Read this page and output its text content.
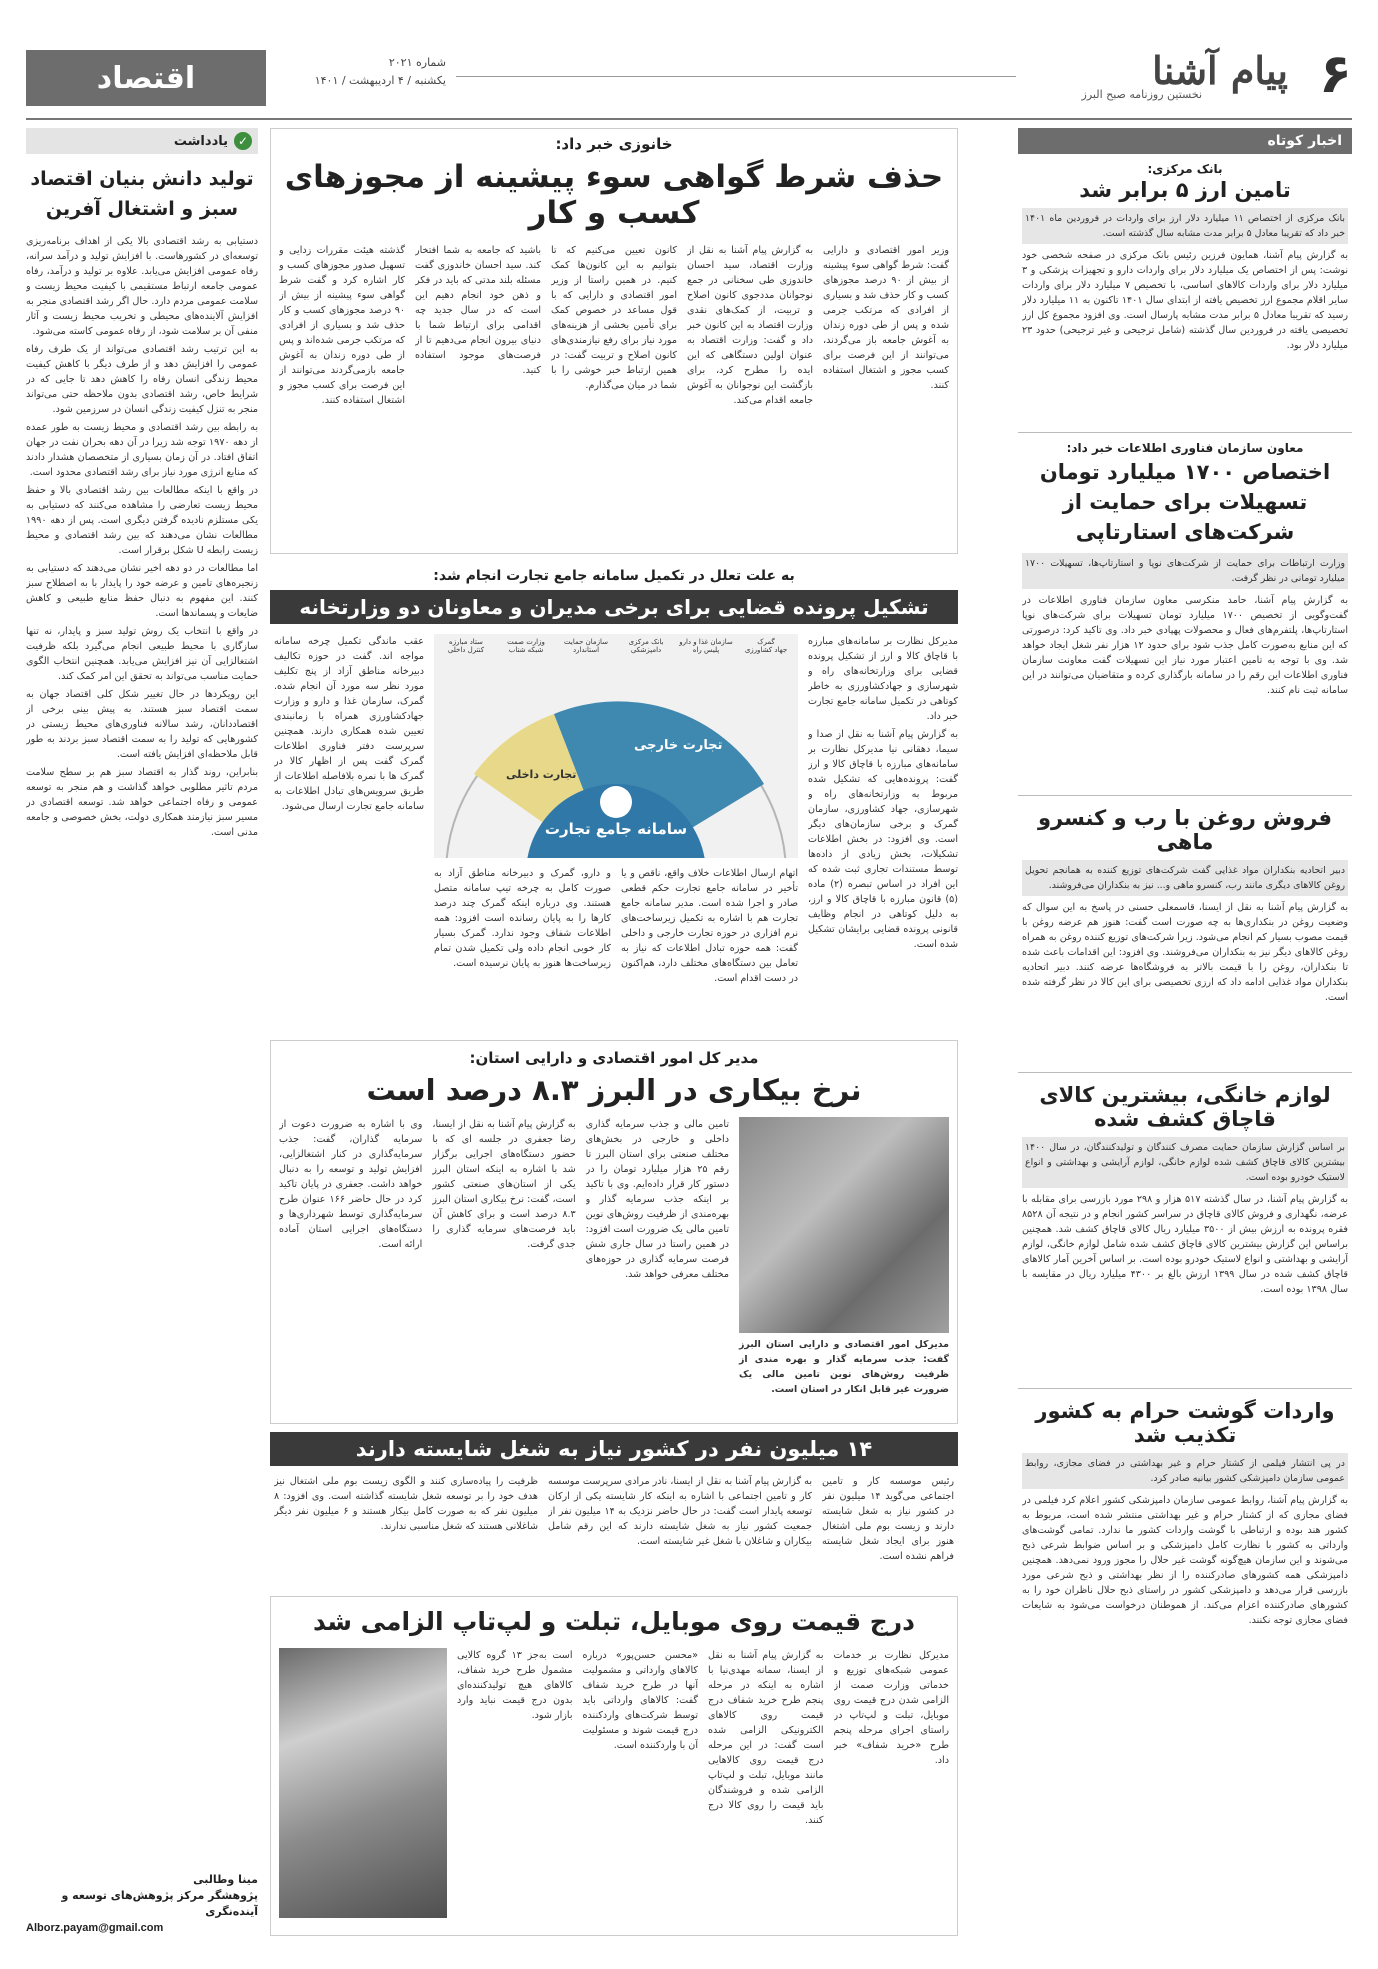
اقتصاد	شماره ۲۰۲۱
یکشنبه / ۴ اردیبهشت / ۱۴۰۱	۶
پیام آشنا
نخستین روزنامه صبح البرز
اخبار کوتاه
بانک مرکزی:
تامین ارز ۵ برابر شد
بانک مرکزی از اختصاص ۱۱ میلیارد دلار ارز برای واردات در فروردین ماه ۱۴۰۱ خبر داد که تقریبا معادل ۵ برابر مدت مشابه سال گذشته است.
به گزارش پیام آشنا، همایون فرزین رئیس بانک مرکزی در صفحه شخصی خود نوشت: پس از اختصاص یک میلیارد دلار برای واردات دارو و تجهیزات پزشکی و ۳ میلیارد دلار برای واردات کالاهای اساسی، با تخصیص ۷ میلیارد دلار برای واردات سایر اقلام مجموع ارز تخصیص یافته از ابتدای سال ۱۴۰۱ تاکنون به ۱۱ میلیارد دلار رسید که تقریبا معادل ۵ برابر مدت مشابه پارسال است. وی افزود مجموع کل ارز تخصیصی یافته در فروردین سال گذشته (شامل ترجیحی و غیر ترجیحی) حدود ۲۳ میلیارد دلار بود.
معاون سازمان فناوری اطلاعات خبر داد:
اختصاص ۱۷۰۰ میلیارد تومان تسهیلات برای حمایت از شرکت‌های استارتاپی
وزارت ارتباطات برای حمایت از شرکت‌های نوپا و استارتاپ‌ها، تسهیلات ۱۷۰۰ میلیارد تومانی در نظر گرفت.
به گزارش پیام آشنا، حامد منکرسی معاون سازمان فناوری اطلاعات در گفت‌وگویی از تخصیص ۱۷۰۰ میلیارد تومان تسهیلات برای شرکت‌های نوپا استارتاپ‌ها، پلتفرم‌های فعال و محصولات پهپادی خبر داد. وی تاکید کرد: درصورتی که این منابع به‌صورت کامل جذب شود برای حدود ۱۲ هزار نفر شغل ایجاد خواهد شد. وی با توجه به تامین اعتبار مورد نیاز این تسهیلات گفت معاونت سازمان فناوری اطلاعات این رقم را در سامانه بارگذاری کرده و متقاضیان می‌توانند در این سامانه ثبت نام کنند.
فروش روغن با رب و کنسرو ماهی
دبیر اتحادیه بنکداران مواد غذایی گفت شرکت‌های توزیع کننده به همانجم تحویل روغن کالاهای دیگری مانند رب، کنسرو ماهی و... نیز به بنکداران می‌فروشند.
به گزارش پیام آشنا به نقل از ایسنا، قاسمعلی حسنی در پاسخ به این سوال که وضعیت روغن در بنکداری‌ها به چه صورت است گفت: هنوز هم عرضه روغن با قیمت مصوب بسیار کم انجام می‌شود. زیرا شرکت‌های توزیع کننده روغن به همراه روغن کالاهای دیگر نیز به بنکداران می‌فروشند. وی افزود: این اقدامات باعث شده تا بنکداران، روغن را با قیمت بالاتر به فروشگاه‌ها عرضه کنند. دبیر اتحادیه بنکداران مواد غذایی ادامه داد که ارزی تخصیصی برای این کالا در نظر گرفته شده است.
لوازم خانگی، بیشترین کالای قاچاق کشف شده
بر اساس گزارش سازمان حمایت مصرف کنندگان و تولیدکنندگان، در سال ۱۴۰۰ بیشترین کالای قاچاق کشف شده لوازم خانگی، لوازم آرایشی و بهداشتی و انواع لاستیک خودرو بوده است.
به گزارش پیام آشنا، در سال گذشته ۵۱۷ هزار و ۲۹۸ مورد بازرسی برای مقابله با عرضه، نگهداری و فروش کالای قاچاق در سراسر کشور انجام و در نتیجه آن ۸۵۲۸ فقره پرونده به ارزش بیش از ۳۵۰۰ میلیارد ریال کالای قاچاق کشف شد. همچنین براساس این گزارش بیشترین کالای قاچاق کشف شده شامل لوازم خانگی، لوازم آرایشی و بهداشتی و انواع لاستیک خودرو بوده است. بر اساس آخرین آمار کالاهای قاچاق کشف شده در سال ۱۳۹۹ ارزش بالغ بر ۴۳۰۰ میلیارد ریال در مقایسه با سال ۱۳۹۸ بوده است.
واردات گوشت حرام به کشور تکذیب شد
در پی انتشار فیلمی از کشتار حرام و غیر بهداشتی در فضای مجازی، روابط عمومی سازمان دامپزشکی کشور بیانیه صادر کرد.
به گزارش پیام آشنا، روابط عمومی سازمان دامپزشکی کشور اعلام کرد فیلمی در فضای مجازی که از کشتار حرام و غیر بهداشتی منتشر شده است، مربوط به کشور هند بوده و ارتباطی با گوشت واردات کشور ما ندارد. تمامی گوشت‌های وارداتی به کشور با نظارت کامل دامپزشکی و بر اساس ضوابط شرعی ذبح می‌شوند و این سازمان هیچ‌گونه گوشت غیر حلال را مجوز ورود نمی‌دهد. همچنین دامپزشکی همه کشورهای صادرکننده را از نظر بهداشتی و ذبح شرعی مورد بازرسی قرار می‌دهد و دامپزشکی کشور در راستای ذبح حلال ناظران خود را به کشورهای صادرکننده اعزام می‌کند. از هموطنان درخواست می‌شود به شایعات فضای مجازی توجه نکنند.
خانوزی خبر داد:
حذف شرط گواهی سوء پیشینه از مجوزهای کسب و کار
وزیر امور اقتصادی و دارایی گفت: شرط گواهی سوء پیشینه از بیش از ۹۰ درصد مجوزهای کسب و کار حذف شد و بسیاری از افرادی که مرتکب جرمی شده و پس از طی دوره زندان به آغوش جامعه باز می‌گردند، می‌توانند از این فرصت برای کسب مجوز و اشتغال استفاده کنند.
به گزارش پیام آشنا به نقل از وزارت اقتصاد، سید احسان خاندوزی طی سخنانی در جمع نوجوانان مددجوی کانون اصلاح و تربیت، از کمک‌های نقدی وزارت اقتصاد به این کانون خبر داد و گفت: وزارت اقتصاد به عنوان اولین دستگاهی که این ایده را مطرح کرد، برای بازگشت این نوجوانان به آغوش جامعه اقدام می‌کند.
کانون تعیین می‌کنیم که تا بتوانیم به این کانون‌ها کمک کنیم. در همین راستا از وزیر امور اقتصادی و دارایی که با قول مساعد در خصوص کمک برای تأمین بخشی از هزینه‌های مورد نیاز برای رفع نیازمندی‌های کانون اصلاح و تربیت گفت: در همین ارتباط خبر خوشی را با شما در میان می‌گذارم.
باشید که جامعه به شما افتخار کند. سید احسان خاندوزی گفت مسئله بلند مدتی که باید در فکر و ذهن خود انجام دهیم این است که در سال جدید چه اقدامی برای ارتباط شما با دنیای بیرون انجام می‌دهیم تا از فرصت‌های موجود استفاده کنید.
گذشته هیئت مقررات زدایی و تسهیل صدور مجوزهای کسب و کار اشاره کرد و گفت شرط گواهی سوء پیشینه از بیش از ۹۰ درصد مجوزهای کسب و کار حذف شد و بسیاری از افرادی که مرتکب جرمی شده‌اند و پس از طی دوره زندان به آغوش جامعه بازمی‌گردند می‌توانند از این فرصت برای کسب مجوز و اشتغال استفاده کنند.
به علت تعلل در تکمیل سامانه جامع تجارت انجام شد:
تشکیل پرونده قضایی برای برخی مدیران و معاونان دو وزارتخانه

مدیرکل نظارت بر سامانه‌های مبارزه با قاچاق کالا و ارز از تشکیل پرونده قضایی برای وزارتخانه‌های راه و شهرسازی و جهادکشاورزی به خاطر کوتاهی در تکمیل سامانه جامع تجارت خبر داد.

به گزارش پیام آشنا به نقل از صدا و سیما، دهقانی نیا مدیرکل نظارت بر سامانه‌های مبارزه با قاچاق کالا و ارز گفت: پرونده‌هایی که تشکیل شده مربوط به وزارتخانه‌های راه و شهرسازی، جهاد کشاورزی، سازمان گمرک و برخی سازمان‌های دیگر است. وی افزود: در بخش اطلاعات تشکیلات، بخش زیادی از داده‌ها توسط مستندات تجاری ثبت شده که این افراد در اساس تبصره (۲) ماده (۵) قانون مبارزه با قاچاق کالا و ارز، به دلیل کوتاهی در انجام وظایف قانونی پرونده قضایی برایشان تشکیل شده است.

گمرک
سازمان غذا و دارو
بانک مرکزی
سازمان حمایت
وزارت صمت
ستاد مبارزه
جهاد کشاورزی
پلیس راه
دامپزشکی
استاندارد
شبکه شتاب
کنترل داخلی
سامانه جامع تجارت
تجارت خارجی
تجارت داخلی
اتهام ارسال اطلاعات خلاف واقع، ناقص و یا تأخیر در سامانه جامع تجارت حکم قطعی صادر و اجرا شده است. مدیر سامانه جامع تجارت هم با اشاره به تکمیل زیرساخت‌های نرم افزاری در حوزه تجارت خارجی و داخلی گفت: همه حوزه تبادل اطلاعات که نیاز به تعامل بین دستگاه‌های مختلف دارد، هم‌اکنون در دست اقدام است.
و دارو، گمرک و دبیرخانه مناطق آزاد به صورت کامل به چرخه تیپ سامانه متصل هستند. وی درباره اینکه گمرک چند درصد کارها را به پایان رسانده است افزود: همه اطلاعات شفاف وجود ندارد. گمرک بسیار کار خوبی انجام داده ولی تکمیل شدن تمام زیرساخت‌ها هنوز به پایان نرسیده است.
عقب ماندگی تکمیل چرخه سامانه مواجه اند. گفت در حوزه تکالیف دبیرخانه مناطق آزاد از پنج تکلیف مورد نظر سه مورد آن انجام شده. گمرک، سازمان غذا و دارو و وزارت جهادکشاورزی همراه با زمانبندی تعیین شده همکاری دارند. همچنین سرپرست دفتر فناوری اطلاعات گمرک گفت پس از اظهار کالا در گمرک ها با نمره بلافاصله اطلاعات از طریق سرویس‌های تبادل اطلاعات به سامانه جامع تجارت ارسال می‌شود.
مدیر کل امور اقتصادی و دارایی استان:
نرخ بیکاری در البرز ۸.۳ درصد است
مدیرکل امور اقتصادی و دارایی استان البرز گفت: جذب سرمایه گذار و بهره مندی از ظرفیت روش‌های نوین تامین مالی یک ضرورت غیر قابل انکار در استان است.
تامین مالی و جذب سرمایه گذاری داخلی و خارجی در بخش‌های مختلف صنعتی برای استان البرز تا رقم ۲۵ هزار میلیارد تومان را در دستور کار قرار داده‌ایم. وی با تاکید بر اینکه جذب سرمایه گذار و بهره‌مندی از ظرفیت روش‌های نوین تامین مالی یک ضرورت است افزود: در همین راستا در سال جاری شش فرصت سرمایه گذاری در حوزه‌های مختلف معرفی خواهد شد.
به گزارش پیام آشنا به نقل از ایسنا، رضا جعفری در جلسه ای که با حضور دستگاه‌های اجرایی برگزار شد با اشاره به اینکه استان البرز یکی از استان‌های صنعتی کشور است، گفت: نرخ بیکاری استان البرز ۸.۳ درصد است و برای کاهش آن باید فرصت‌های سرمایه گذاری را جدی گرفت.
وی با اشاره به ضرورت دعوت از سرمایه گذاران، گفت: جذب سرمایه‌گذاری در کنار اشتغالزایی، افزایش تولید و توسعه را به دنبال خواهد داشت. جعفری در پایان تاکید کرد در حال حاضر ۱۶۶ عنوان طرح سرمایه‌گذاری توسط شهرداری‌ها و دستگاه‌های اجرایی استان آماده ارائه است.
۱۴ میلیون نفر در کشور نیاز به شغل شایسته دارند
رئیس موسسه کار و تامین اجتماعی می‌گوید ۱۴ میلیون نفر در کشور نیاز به شغل شایسته دارند و زیست بوم ملی اشتغال هنوز برای ایجاد شغل شایسته فراهم نشده است.
به گزارش پیام آشنا به نقل از ایسنا، نادر مرادی سرپرست موسسه کار و تامین اجتماعی با اشاره به اینکه کار شایسته یکی از ارکان توسعه پایدار است گفت: در حال حاضر نزدیک به ۱۴ میلیون نفر از جمعیت کشور نیاز به شغل شایسته دارند که این رقم شامل بیکاران و شاغلان با شغل غیر شایسته است.
ظرفیت را پیاده‌سازی کنند و الگوی زیست بوم ملی اشتغال نیز هدف خود را بر توسعه شغل شایسته گذاشته است. وی افزود: ۸ میلیون نفر که به صورت کامل بیکار هستند و ۶ میلیون نفر دیگر شاغلانی هستند که شغل مناسبی ندارند.
درج قیمت روی موبایل، تبلت و لپ‌تاپ الزامی شد
مدیرکل نظارت بر خدمات عمومی شبکه‌های توزیع و خدماتی وزارت صمت از الزامی شدن درج قیمت روی موبایل، تبلت و لپ‌تاپ در راستای اجرای مرحله پنجم طرح «خرید شفاف» خبر داد.
به گزارش پیام آشنا به نقل از ایسنا، سمانه مهدی‌نیا با اشاره به اینکه در مرحله پنجم طرح خرید شفاف درج قیمت روی کالاهای الکترونیکی الزامی شده است گفت: در این مرحله درج قیمت روی کالاهایی مانند موبایل، تبلت و لپ‌تاپ الزامی شده و فروشندگان باید قیمت را روی کالا درج کنند.
«محسن حسن‌پور» درباره کالاهای وارداتی و مشمولیت آنها در طرح خرید شفاف گفت: کالاهای وارداتی باید توسط شرکت‌های واردکننده درج قیمت شوند و مسئولیت آن با واردکننده است.
است به‌جز ۱۳ گروه کالایی مشمول طرح خرید شفاف، کالاهای هیچ تولیدکننده‌ای بدون درج قیمت نباید وارد بازار شود.
✓
یادداشت
تولید دانش بنیان اقتصاد سبز و اشتغال آفرین

دستیابی به رشد اقتصادی بالا یکی از اهداف برنامه‌ریزی توسعه‌ای در کشورهاست. با افزایش تولید و درآمد سرانه، رفاه عمومی افزایش می‌یابد. علاوه بر تولید و درآمد، رفاه عمومی جامعه ارتباط مستقیمی با کیفیت محیط زیست و سلامت عمومی مردم دارد. حال اگر رشد اقتصادی منجر به افزایش آلاینده‌های محیطی و تخریب محیط زیست و آثار منفی آن بر سلامت شود، از رفاه عمومی کاسته می‌شود.

به این ترتیب رشد اقتصادی می‌تواند از یک طرف رفاه عمومی را افزایش دهد و از طرف دیگر با کاهش کیفیت محیط زندگی انسان رفاه را کاهش دهد تا جایی که در شرایط خاص، رشد اقتصادی بدون ملاحظه حتی می‌تواند منجر به تنزل کیفیت زندگی انسان در سرزمین شود.

به رابطه بین رشد اقتصادی و محیط زیست به طور عمده از دهه ۱۹۷۰ توجه شد زیرا در آن دهه بحران نفت در جهان اتفاق افتاد. در آن زمان بسیاری از متخصصان هشدار دادند که منابع انرژی مورد نیاز برای رشد اقتصادی محدود است.

در واقع با اینکه مطالعات بین رشد اقتصادی بالا و حفظ محیط زیست تعارضی را مشاهده می‌کنند که دستیابی به یکی مستلزم نادیده گرفتن دیگری است. پس از دهه ۱۹۹۰ مطالعات نشان می‌دهند که بین رشد اقتصادی و محیط زیست رابطه U شکل برقرار است.

اما مطالعات در دو دهه اخیر نشان می‌دهند که دستیابی به زنجیره‌های تامین و عرضه خود را پایدار با به اصطلاح سبز کنند. این مفهوم به دنبال حفظ منابع طبیعی و کاهش ضایعات و پسماندها است.

در واقع با انتخاب یک روش تولید سبز و پایدار، نه تنها سازگاری با محیط طبیعی انجام می‌گیرد بلکه ظرفیت اشتغالزایی آن نیز افزایش می‌یابد. همچنین انتخاب الگوی حمایت مناسب می‌تواند به تحقق این امر کمک کند.

این رویکردها در حال تغییر شکل کلی اقتصاد جهان به سمت اقتصاد سبز هستند. به پیش بینی برخی از اقتصاددانان، رشد سالانه فناوری‌های محیط زیستی در کشورهایی که تولید را به سمت اقتصاد سبز بردند به طور قابل ملاحظه‌ای افزایش یافته است.

بنابراین، روند گذار به اقتصاد سبز هم بر سطح سلامت مردم تاثیر مطلوبی خواهد گذاشت و هم منجر به توسعه عمومی و رفاه اجتماعی خواهد شد. توسعه اقتصادی در مسیر سبز نیازمند همکاری دولت، بخش خصوصی و جامعه مدنی است.

مینا وطالبی
پژوهشگر مرکز پژوهش‌های توسعه و آینده‌نگری
Alborz.payam@gmail.com
